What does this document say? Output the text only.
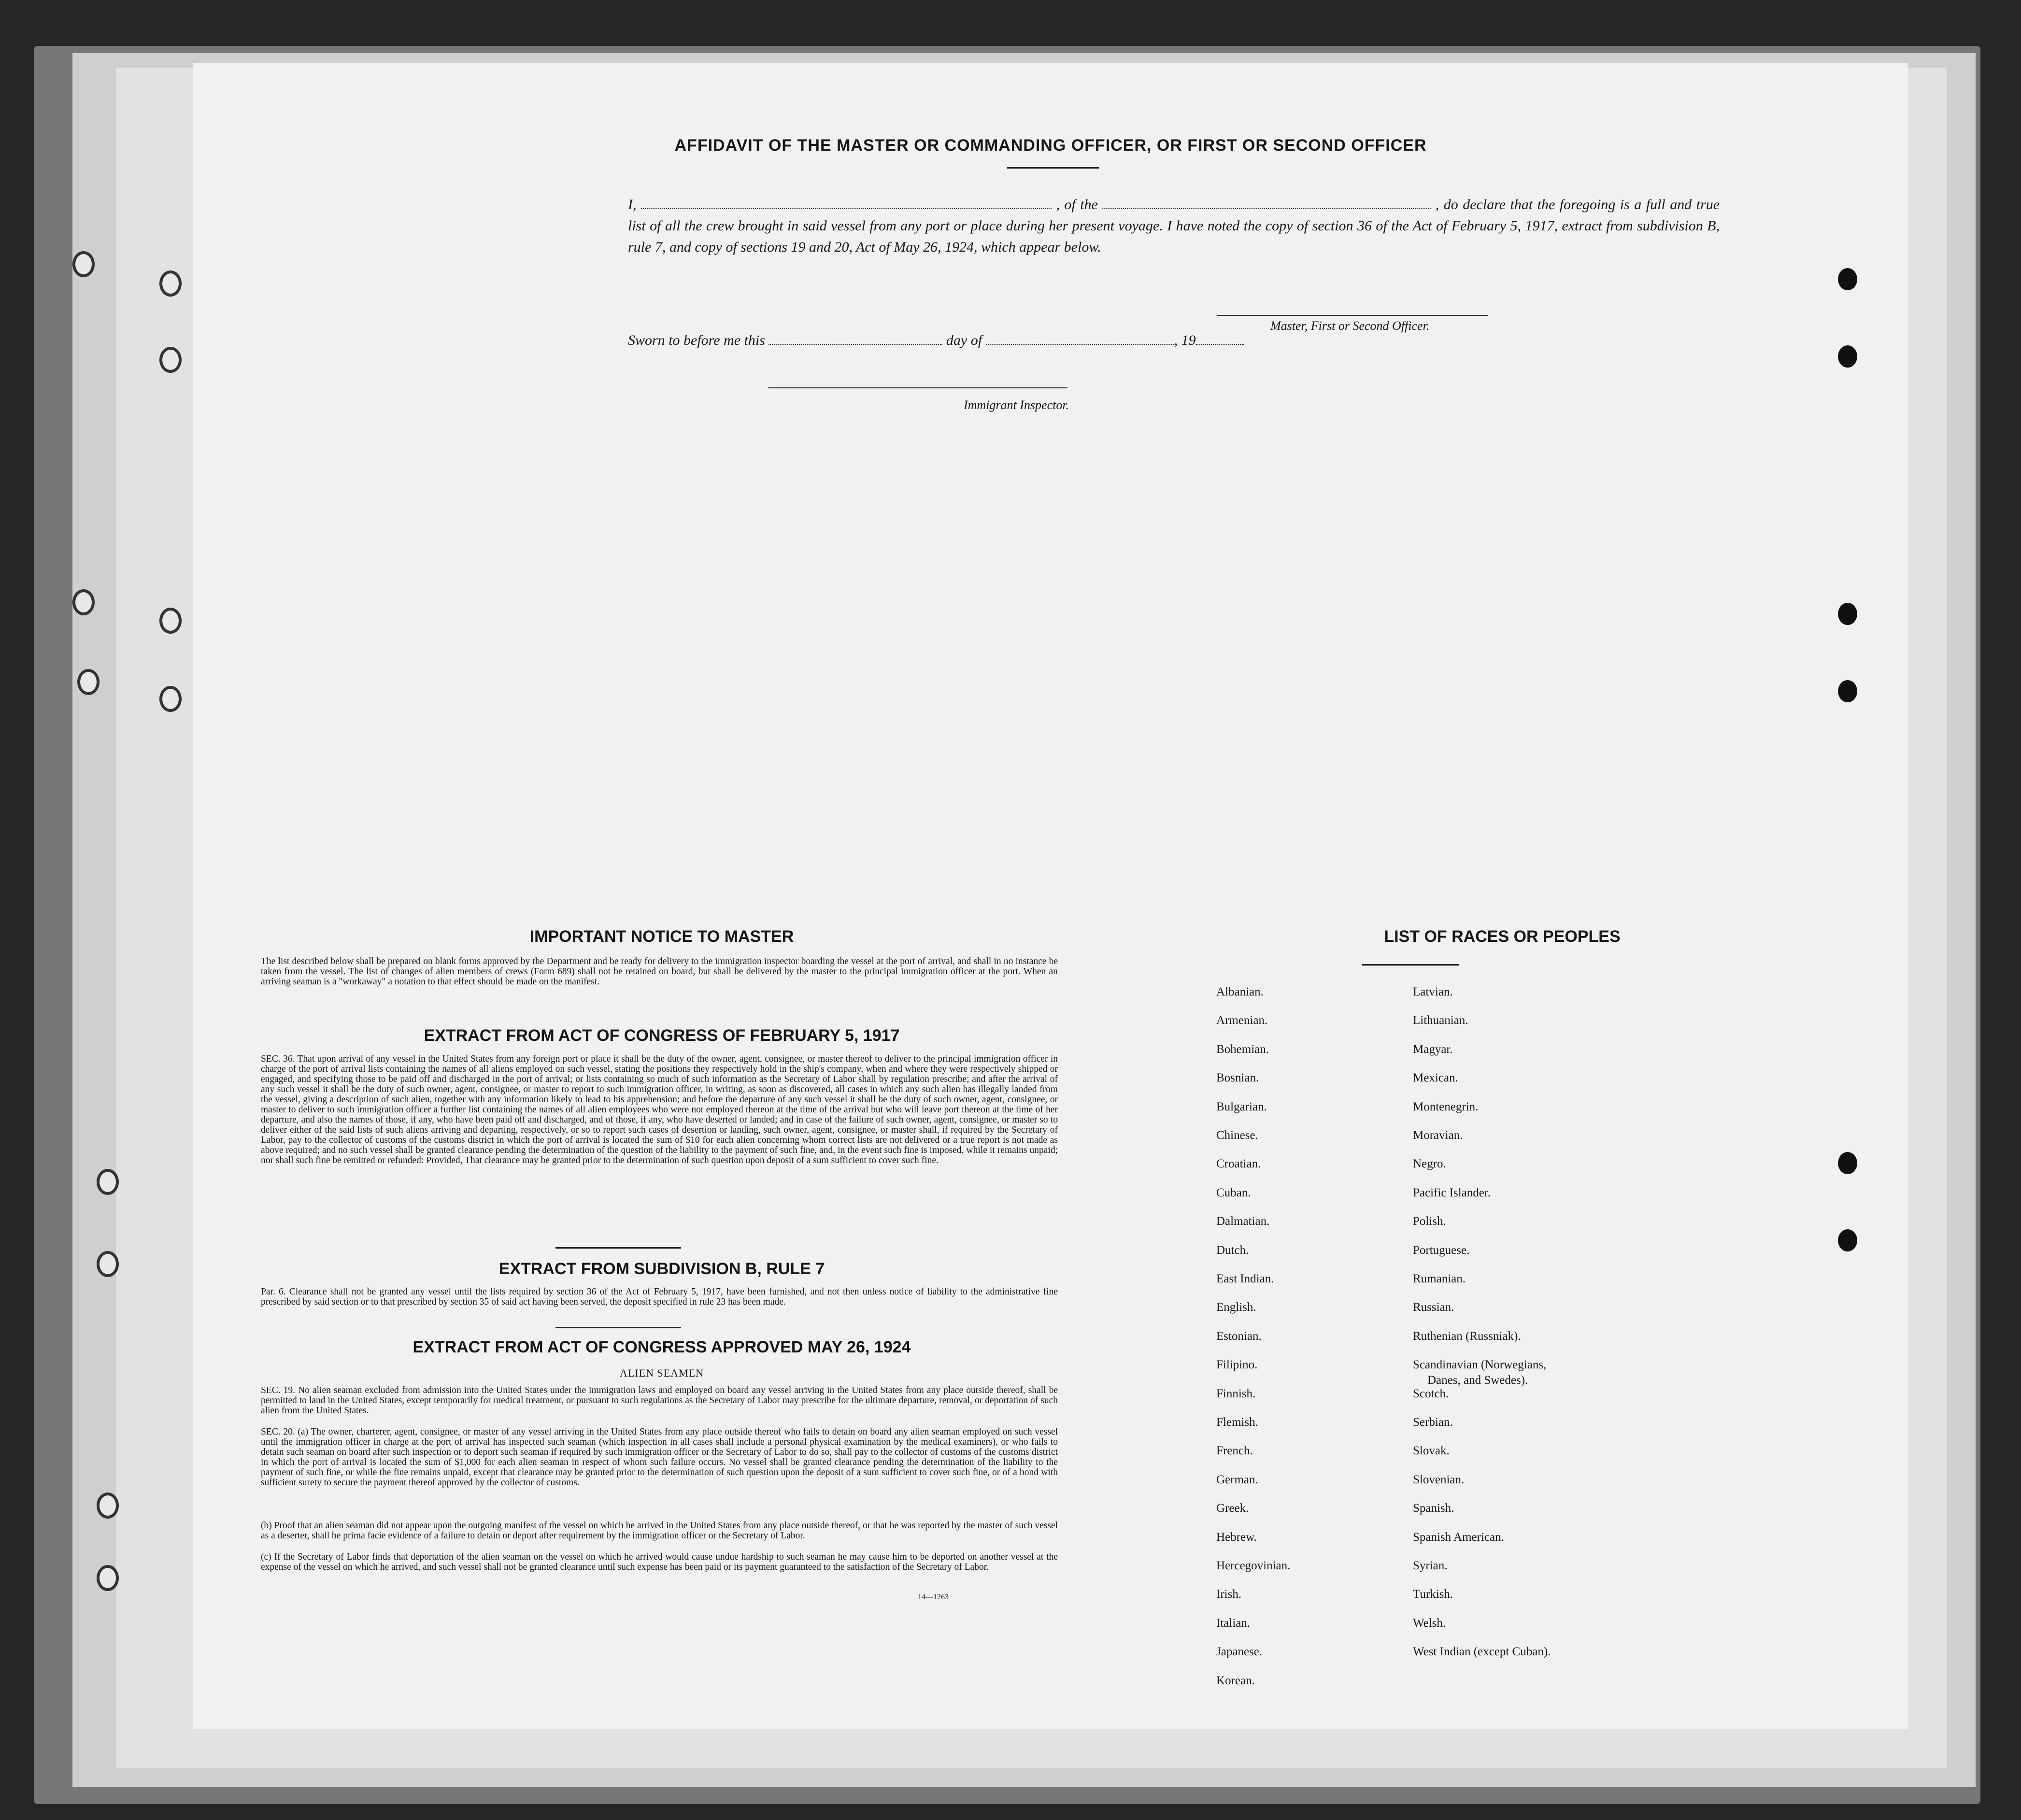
AFFIDAVIT OF THE MASTER OR COMMANDING OFFICER, OR FIRST OR SECOND OFFICER
I,	, of the	, do declare that the foregoing is a full and true list of all the crew brought in said vessel from any port or place during her present voyage. I have noted the copy of section 36 of the Act of February 5, 1917, extract from subdivision B, rule 7, and copy of sections 19 and 20, Act of May 26, 1924, which appear below.
Master, First or Second Officer.
Sworn to before me this	day of	, 19
Immigrant Inspector.
IMPORTANT NOTICE TO MASTER
The list described below shall be prepared on blank forms approved by the Department and be ready for delivery to the immigration inspector boarding the vessel at the port of arrival, and shall in no instance be taken from the vessel. The list of changes of alien members of crews (Form 689) shall not be retained on board, but shall be delivered by the master to the principal immigration officer at the port. When an arriving seaman is a "workaway" a notation to that effect should be made on the manifest.
EXTRACT FROM ACT OF CONGRESS OF FEBRUARY 5, 1917
SEC. 36. That upon arrival of any vessel in the United States from any foreign port or place it shall be the duty of the owner, agent, consignee, or master thereof to deliver to the principal immigration officer in charge of the port of arrival lists containing the names of all aliens employed on such vessel, stating the positions they respectively hold in the ship's company, when and where they were respectively shipped or engaged, and specifying those to be paid off and discharged in the port of arrival; or lists containing so much of such information as the Secretary of Labor shall by regulation prescribe; and after the arrival of any such vessel it shall be the duty of such owner, agent, consignee, or master to report to such immigration officer, in writing, as soon as discovered, all cases in which any such alien has illegally landed from the vessel, giving a description of such alien, together with any information likely to lead to his apprehension; and before the departure of any such vessel it shall be the duty of such owner, agent, consignee, or master to deliver to such immigration officer a further list containing the names of all alien employees who were not employed thereon at the time of the arrival but who will leave port thereon at the time of her departure, and also the names of those, if any, who have been paid off and discharged, and of those, if any, who have deserted or landed; and in case of the failure of such owner, agent, consignee, or master so to deliver either of the said lists of such aliens arriving and departing, respectively, or so to report such cases of desertion or landing, such owner, agent, consignee, or master shall, if required by the Secretary of Labor, pay to the collector of customs of the customs district in which the port of arrival is located the sum of $10 for each alien concerning whom correct lists are not delivered or a true report is not made as above required; and no such vessel shall be granted clearance pending the determination of the question of the liability to the payment of such fine, and, in the event such fine is imposed, while it remains unpaid; nor shall such fine be remitted or refunded: Provided, That clearance may be granted prior to the determination of such question upon deposit of a sum sufficient to cover such fine.
EXTRACT FROM SUBDIVISION B, RULE 7
Par. 6. Clearance shall not be granted any vessel until the lists required by section 36 of the Act of February 5, 1917, have been furnished, and not then unless notice of liability to the administrative fine prescribed by said section or to that prescribed by section 35 of said act having been served, the deposit specified in rule 23 has been made.
EXTRACT FROM ACT OF CONGRESS APPROVED MAY 26, 1924
ALIEN SEAMEN
SEC. 19. No alien seaman excluded from admission into the United States under the immigration laws and employed on board any vessel arriving in the United States from any place outside thereof, shall be permitted to land in the United States, except temporarily for medical treatment, or pursuant to such regulations as the Secretary of Labor may prescribe for the ultimate departure, removal, or deportation of such alien from the United States.
SEC. 20. (a) The owner, charterer, agent, consignee, or master of any vessel arriving in the United States from any place outside thereof who fails to detain on board any alien seaman employed on such vessel until the immigration officer in charge at the port of arrival has inspected such seaman (which inspection in all cases shall include a personal physical examination by the medical examiners), or who fails to detain such seaman on board after such inspection or to deport such seaman if required by such immigration officer or the Secretary of Labor to do so, shall pay to the collector of customs of the customs district in which the port of arrival is located the sum of $1,000 for each alien seaman in respect of whom such failure occurs. No vessel shall be granted clearance pending the determination of the liability to the payment of such fine, or while the fine remains unpaid, except that clearance may be granted prior to the determination of such question upon the deposit of a sum sufficient to cover such fine, or of a bond with sufficient surety to secure the payment thereof approved by the collector of customs.
(b) Proof that an alien seaman did not appear upon the outgoing manifest of the vessel on which he arrived in the United States from any place outside thereof, or that he was reported by the master of such vessel as a deserter, shall be prima facie evidence of a failure to detain or deport after requirement by the immigration officer or the Secretary of Labor.
(c) If the Secretary of Labor finds that deportation of the alien seaman on the vessel on which he arrived would cause undue hardship to such seaman he may cause him to be deported on another vessel at the expense of the vessel on which he arrived, and such vessel shall not be granted clearance until such expense has been paid or its payment guaranteed to the satisfaction of the Secretary of Labor.
14—1263
LIST OF RACES OR PEOPLES
Albanian.
Armenian.
Bohemian.
Bosnian.
Bulgarian.
Chinese.
Croatian.
Cuban.
Dalmatian.
Dutch.
East Indian.
English.
Estonian.
Filipino.
Finnish.
Flemish.
French.
German.
Greek.
Hebrew.
Hercegovinian.
Irish.
Italian.
Japanese.
Korean.
Latvian.
Lithuanian.
Magyar.
Mexican.
Montenegrin.
Moravian.
Negro.
Pacific Islander.
Polish.
Portuguese.
Rumanian.
Russian.
Ruthenian (Russniak).
Scandinavian (Norwegians,
Danes, and Swedes).
Scotch.
Serbian.
Slovak.
Slovenian.
Spanish.
Spanish American.
Syrian.
Turkish.
Welsh.
West Indian (except Cuban).
